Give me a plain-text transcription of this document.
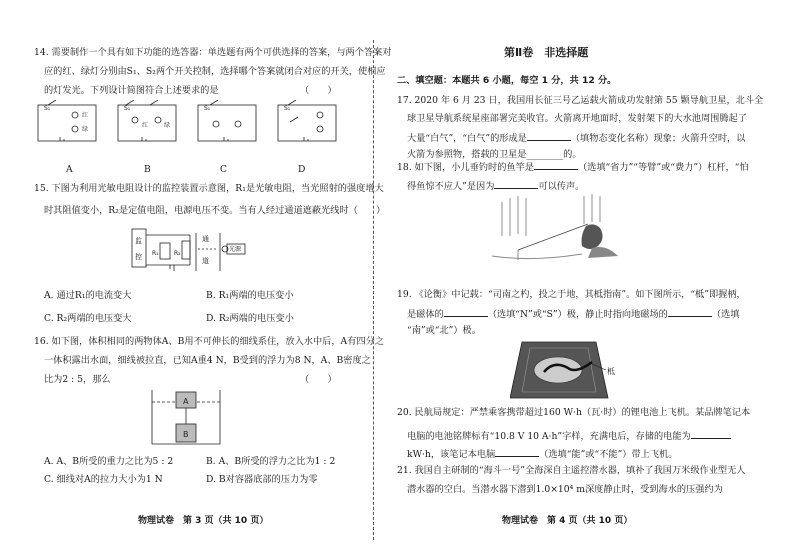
14. 需要制作一个具有如下功能的选答器：单选题有两个可供选择的答案，与两个答案对
应的红、绿灯分别由S₁、S₂两个开关控制，选择哪个答案就闭合对应的开关，使相应
的灯发光。下列设计简图符合上述要求的是	（　　）
红
绿
红	绿
S₁	S₁	S₁	S₁
A	B	C	D
15. 下图为利用光敏电阻设计的监控装置示意图，R₁是光敏电阻，当光照射的强度增大
时其阻值变小，R₂是定值电阻，电源电压不变。当有人经过通道遮蔽光线时（　　）
监
控 R₁	R₂
通
道
光源
A. 通过R₁的电流变大	B. R₁两端的电压变小
C. R₂两端的电压变大	D. R₂两端的电压变小
16. 如下图，体积相同的两物体A、B用不可伸长的细线系住，放入水中后，A有四分之
一体积露出水面，细线被拉直，已知A重4 N，B受到的浮力为8 N，A、B密度之
比为2 : 5，那么	（　　）
A
B
A. A、B所受的重力之比为5 : 2	B. A、B所受的浮力之比为1 : 2
C. 细线对A的拉力大小为1 N	D. B对容器底部的压力为零
物理试卷　第 3 页（共 10 页）
第Ⅱ卷　非选择题
二、填空题：本题共 6 小题，每空 1 分，共 12 分。
17. 2020 年 6 月 23 日，我国用长征三号乙运载火箭成功发射第 55 颗导航卫星，北斗全
球卫星导航系统星座部署完美收官。火箭离开地面时，发射架下的大水池周围腾起了
大量“白气”，“白气”的形成是	（填物态变化名称）现象；火箭升空时，以
火箭为参照物，搭载的卫星是________的。
18. 如下图，小儿垂钓时的鱼竿是	（选填“省力”“等臂”或“费力”）杠杆，“怕
得鱼惊不应人”是因为	可以传声。
19. 《论衡》中记载：“司南之杓，投之于地，其柢指南”。如下图所示，“柢”即握柄，
是磁体的	（选填“N”或“S”）极，静止时指向地磁场的	（选填
“南”或“北”）极。
柢
20. 民航局规定：严禁乘客携带超过160 W·h（瓦·时）的锂电池上飞机。某品牌笔记本
电脑的电池铭牌标有“10.8 V 10 A·h”字样，充满电后，存储的电能为
kW·h，该笔记本电脑	（选填“能”或“不能”）带上飞机。
21. 我国自主研制的“海斗一号”全海深自主遥控潜水器，填补了我国万米级作业型无人
潜水器的空白。当潜水器下潜到1.0×10⁴ m深度静止时，受到海水的压强约为
物理试卷　第 4 页（共 10 页）
